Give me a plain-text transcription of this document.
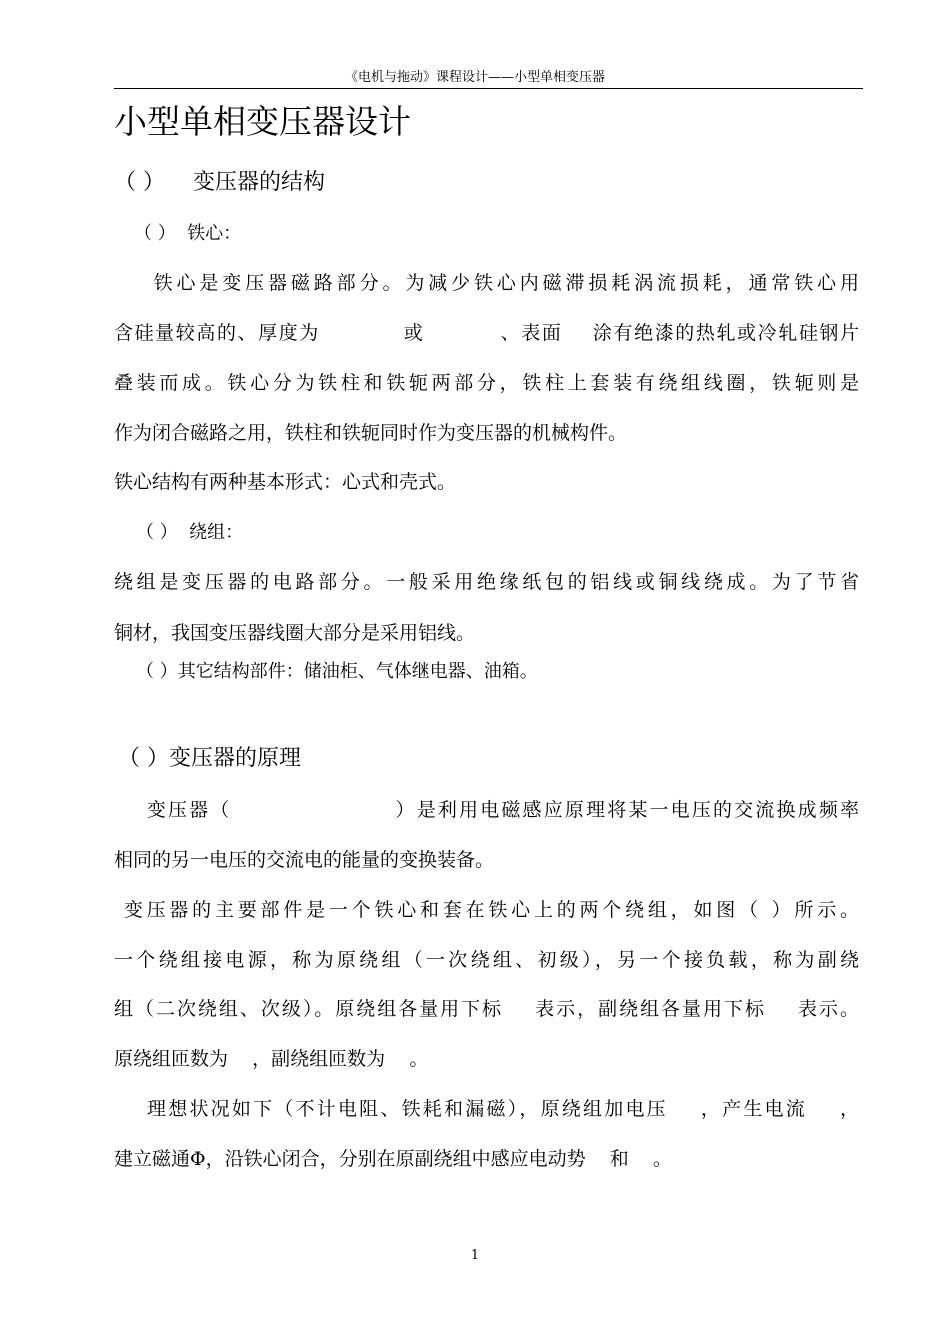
《电机与拖动》课程设计——小型单相变压器
小型单相变压器设计
（ ）    变压器的结构
（ ）  铁心：
铁心是变压器磁路部分。为减少铁心内磁滞损耗涡流损耗，通常铁心用
含硅量较高的、厚度为           或          、表面    涂有绝漆的热轧或冷轧硅钢片
叠装而成。铁心分为铁柱和铁轭两部分，铁柱上套装有绕组线圈，铁轭则是
作为闭合磁路之用，铁柱和铁轭同时作为变压器的机械构件。
铁心结构有两种基本形式：心式和壳式。
（ ）  绕组：
绕组是变压器的电路部分。一般采用绝缘纸包的铝线或铜线绕成。为了节省
铜材，我国变压器线圈大部分是采用铝线。
（ ）其它结构部件：储油柜、气体继电器、油箱。
（ ）变压器的原理
变压器（                    ）是利用电磁感应原理将某一电压的交流换成频率
相同的另一电压的交流电的能量的变换装备。
变压器的主要部件是一个铁心和套在铁心上的两个绕组，如图（ ）所示。
一个绕组接电源，称为原绕组（一次绕组、初级），另一个接负载，称为副绕
组（二次绕组、次级）。原绕组各量用下标    表示，副绕组各量用下标    表示。
原绕组匝数为    ，副绕组匝数为    。
理想状况如下（不计电阻、铁耗和漏磁），原绕组加电压    ，产生电流    ，
建立磁通Φ，沿铁心闭合，分别在原副绕组中感应电动势    和    。
1
